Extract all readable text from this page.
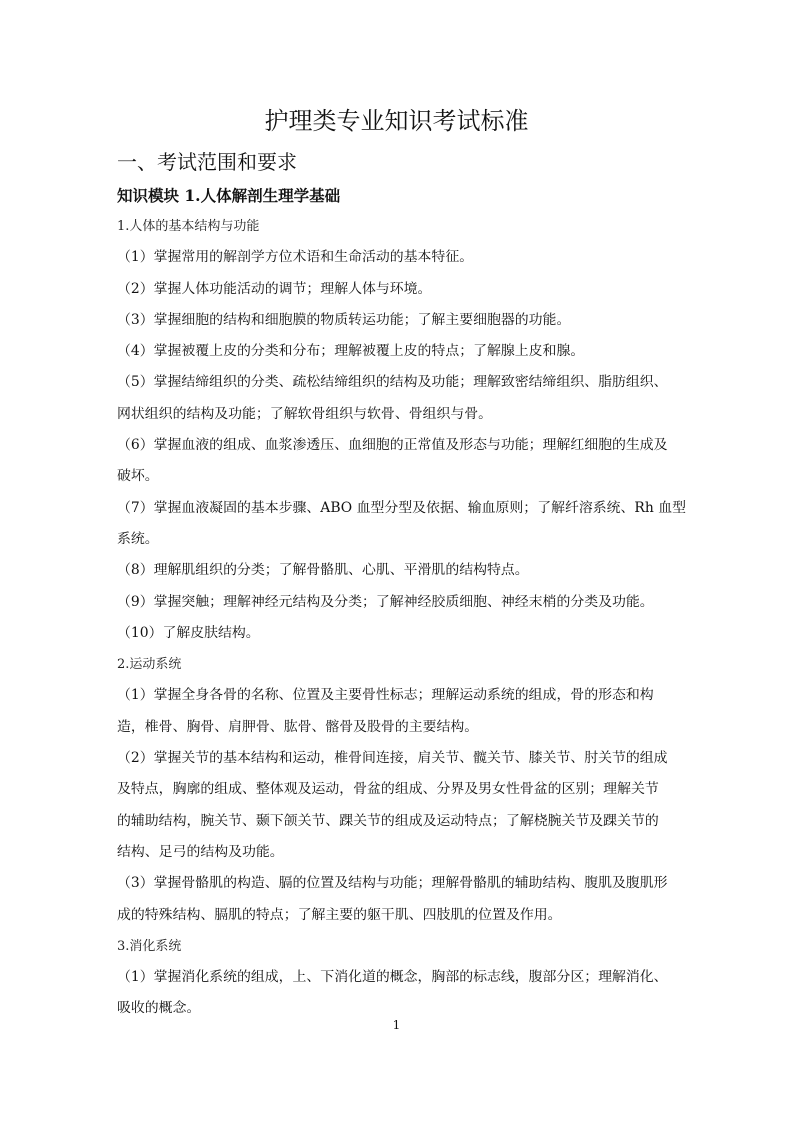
护理类专业知识考试标准
一、考试范围和要求
知识模块 1.人体解剖生理学基础
1.人体的基本结构与功能
（1）掌握常用的解剖学方位术语和生命活动的基本特征。
（2）掌握人体功能活动的调节；理解人体与环境。
（3）掌握细胞的结构和细胞膜的物质转运功能；了解主要细胞器的功能。
（4）掌握被覆上皮的分类和分布；理解被覆上皮的特点；了解腺上皮和腺。
（5）掌握结缔组织的分类、疏松结缔组织的结构及功能；理解致密结缔组织、脂肪组织、
网状组织的结构及功能；了解软骨组织与软骨、骨组织与骨。
（6）掌握血液的组成、血浆渗透压、血细胞的正常值及形态与功能；理解红细胞的生成及
破坏。
（7）掌握血液凝固的基本步骤、ABO 血型分型及依据、输血原则；了解纤溶系统、Rh 血型
系统。
（8）理解肌组织的分类；了解骨骼肌、心肌、平滑肌的结构特点。
（9）掌握突触；理解神经元结构及分类；了解神经胶质细胞、神经末梢的分类及功能。
（10）了解皮肤结构。
2.运动系统
（1）掌握全身各骨的名称、位置及主要骨性标志；理解运动系统的组成，骨的形态和构
造，椎骨、胸骨、肩胛骨、肱骨、髂骨及股骨的主要结构。
（2）掌握关节的基本结构和运动，椎骨间连接，肩关节、髋关节、膝关节、肘关节的组成
及特点，胸廓的组成、整体观及运动，骨盆的组成、分界及男女性骨盆的区别；理解关节
的辅助结构，腕关节、颞下颌关节、踝关节的组成及运动特点；了解桡腕关节及踝关节的
结构、足弓的结构及功能。
（3）掌握骨骼肌的构造、膈的位置及结构与功能；理解骨骼肌的辅助结构、腹肌及腹肌形
成的特殊结构、膈肌的特点；了解主要的躯干肌、四肢肌的位置及作用。
3.消化系统
（1）掌握消化系统的组成，上、下消化道的概念，胸部的标志线，腹部分区；理解消化、
吸收的概念。
1
